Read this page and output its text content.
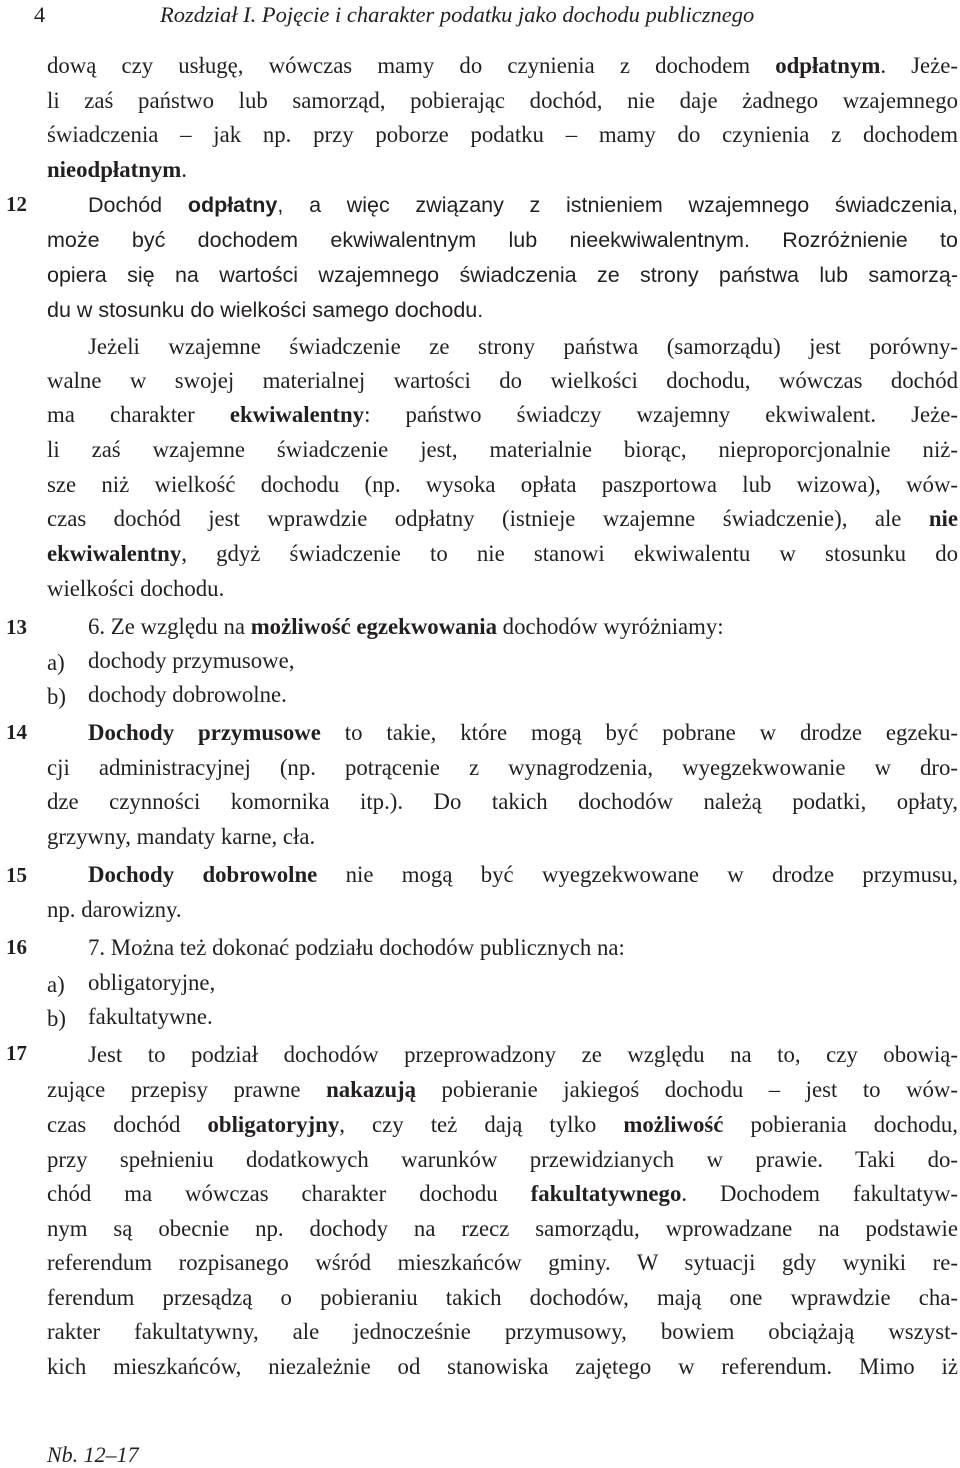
4	Rozdział I. Pojęcie i charakter podatku jako dochodu publicznego
12
13
14
15
16
17
dową czy usługę, wówczas mamy do czynienia z dochodem odpłatnym. Jeże-
li zaś państwo lub samorząd, pobierając dochód, nie daje żadnego wzajemnego
świadczenia – jak np. przy poborze podatku – mamy do czynienia z dochodem
nieodpłatnym.
Dochód odpłatny, a więc związany z istnieniem wzajemnego świadczenia,
może być dochodem ekwiwalentnym lub nieekwiwalentnym. Rozróżnienie to
opiera się na wartości wzajemnego świadczenia ze strony państwa lub samorzą-
du w stosunku do wielkości samego dochodu.
Jeżeli wzajemne świadczenie ze strony państwa (samorządu) jest porówny-
walne w swojej materialnej wartości do wielkości dochodu, wówczas dochód
ma charakter ekwiwalentny: państwo świadczy wzajemny ekwiwalent. Jeże-
li zaś wzajemne świadczenie jest, materialnie biorąc, nieproporcjonalnie niż-
sze niż wielkość dochodu (np. wysoka opłata paszportowa lub wizowa), wów-
czas dochód jest wprawdzie odpłatny (istnieje wzajemne świadczenie), ale nie
ekwiwalentny, gdyż świadczenie to nie stanowi ekwiwalentu w stosunku do
wielkości dochodu.
6. Ze względu na możliwość egzekwowania dochodów wyróżniamy:
a) dochody przymusowe,
b) dochody dobrowolne.
Dochody przymusowe to takie, które mogą być pobrane w drodze egzeku-
cji administracyjnej (np. potrącenie z wynagrodzenia, wyegzekwowanie w dro-
dze czynności komornika itp.). Do takich dochodów należą podatki, opłaty,
grzywny, mandaty karne, cła.
Dochody dobrowolne nie mogą być wyegzekwowane w drodze przymusu,
np. darowizny.
7. Można też dokonać podziału dochodów publicznych na:
a) obligatoryjne,
b) fakultatywne.
Jest to podział dochodów przeprowadzony ze względu na to, czy obowią-
zujące przepisy prawne nakazują pobieranie jakiegoś dochodu – jest to wów-
czas dochód obligatoryjny, czy też dają tylko możliwość pobierania dochodu,
przy spełnieniu dodatkowych warunków przewidzianych w prawie. Taki do-
chód ma wówczas charakter dochodu fakultatywnego. Dochodem fakultatyw-
nym są obecnie np. dochody na rzecz samorządu, wprowadzane na podstawie
referendum rozpisanego wśród mieszkańców gminy. W sytuacji gdy wyniki re-
ferendum przesądzą o pobieraniu takich dochodów, mają one wprawdzie cha-
rakter fakultatywny, ale jednocześnie przymusowy, bowiem obciążają wszyst-
kich mieszkańców, niezależnie od stanowiska zajętego w referendum. Mimo iż
Nb. 12–17
